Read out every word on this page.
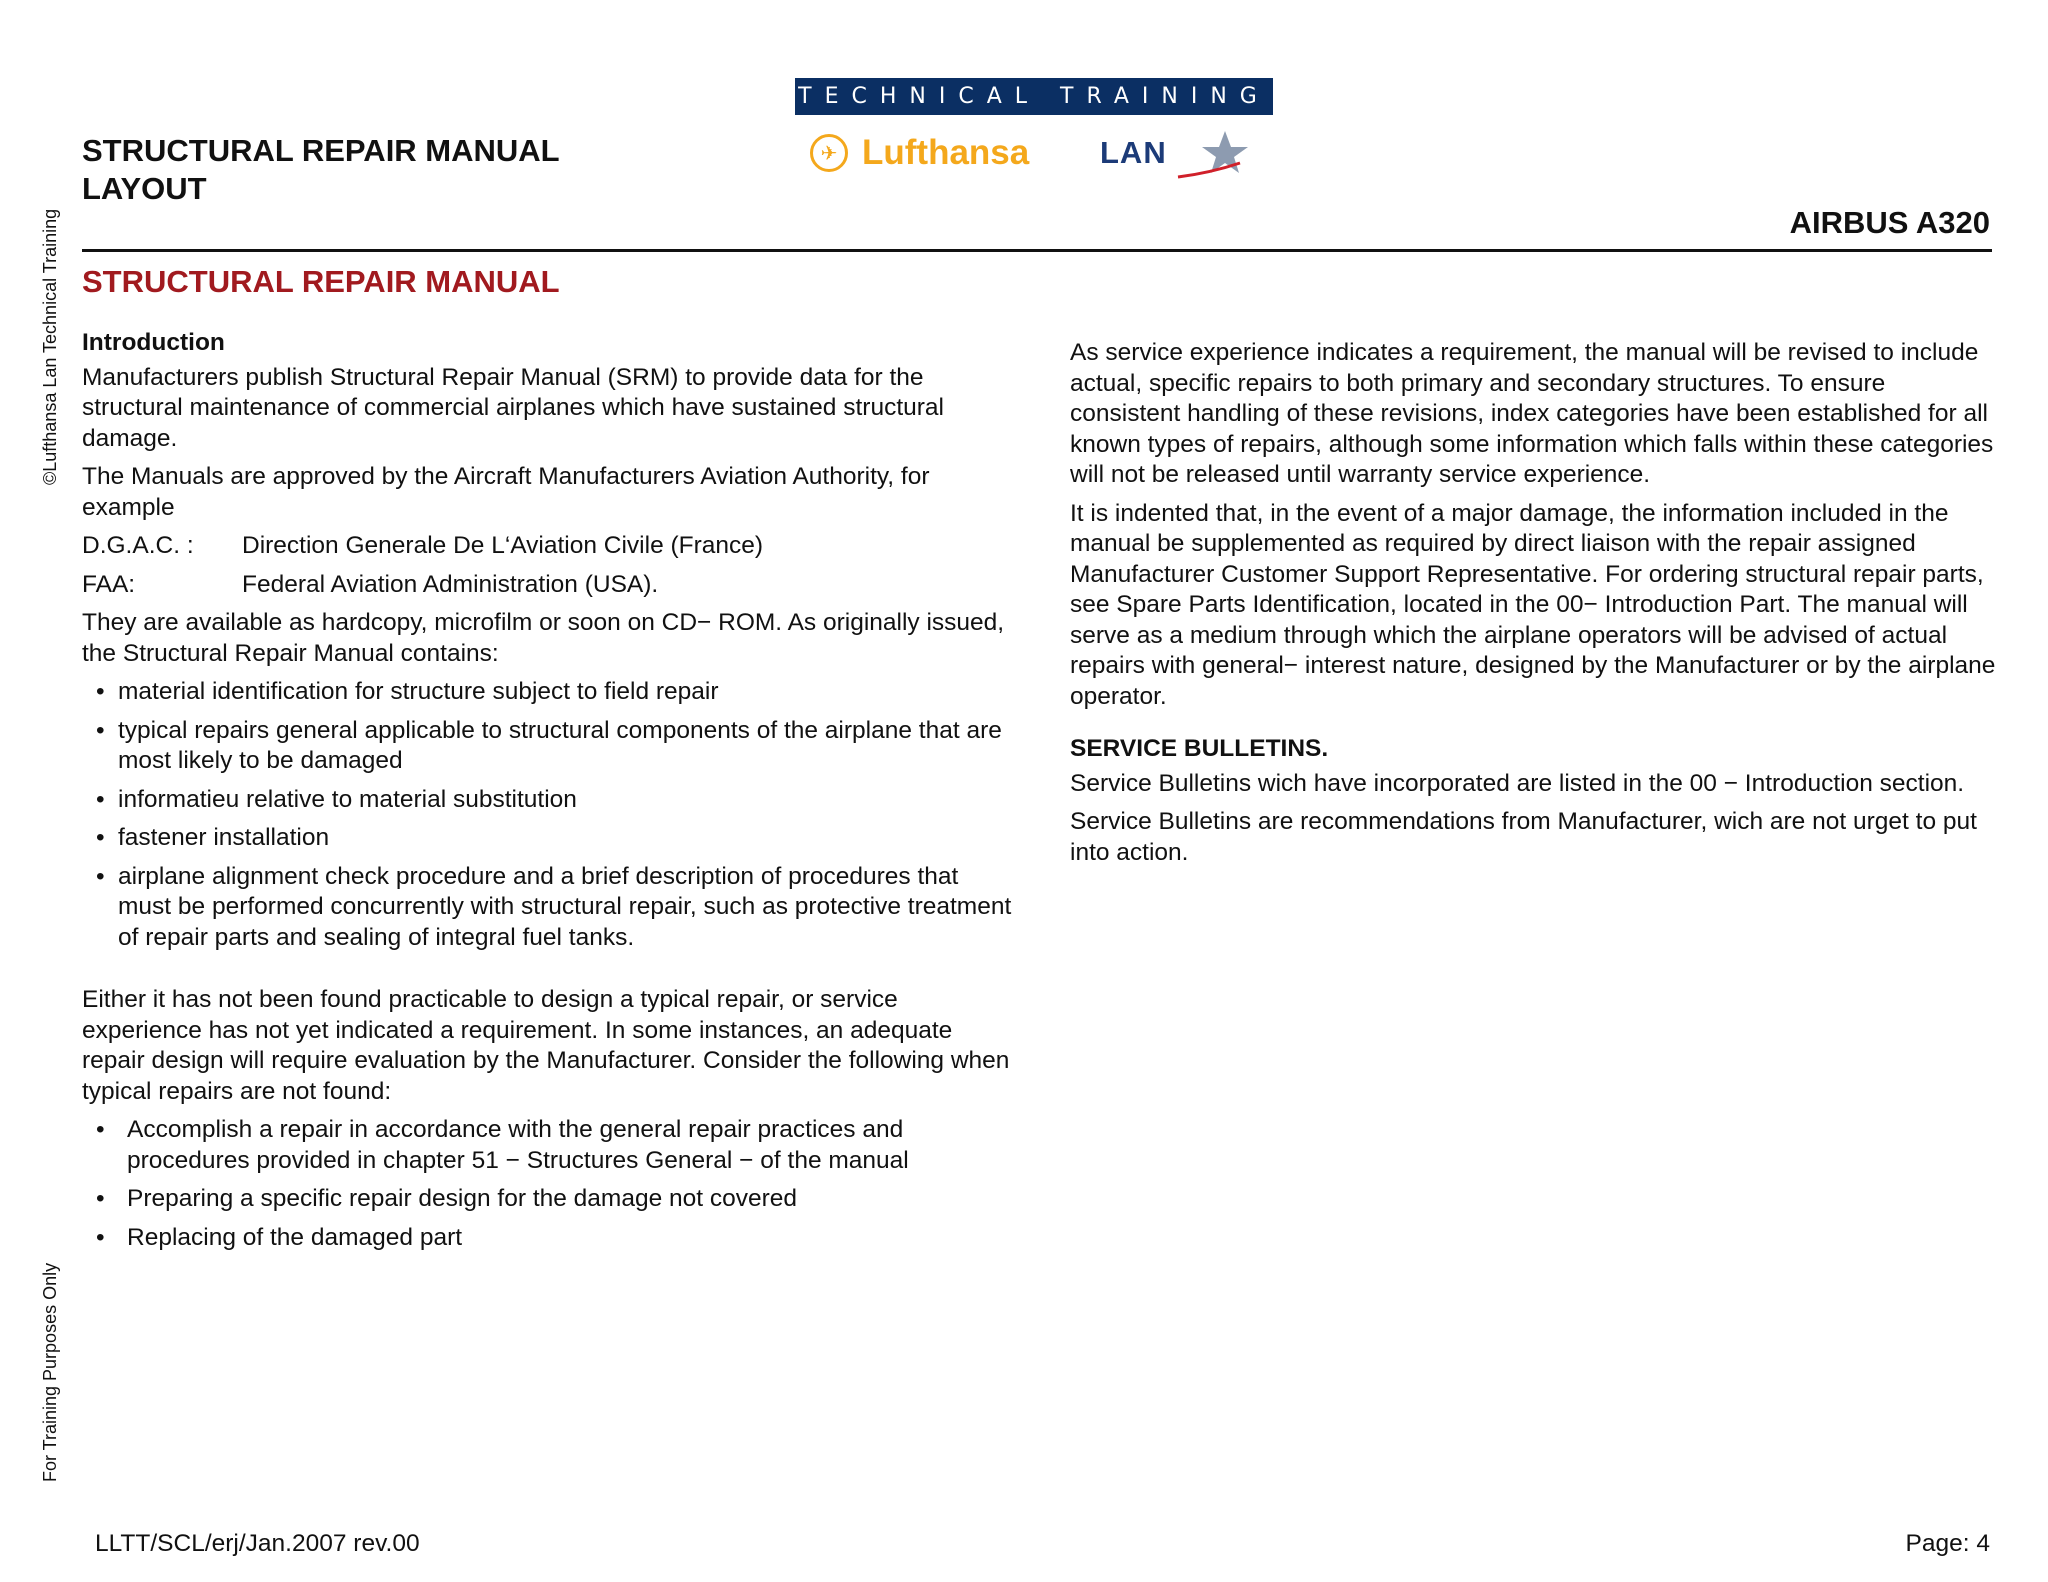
©Lufthansa Lan Technical Training
For Training Purposes Only
STRUCTURAL REPAIR MANUAL LAYOUT
TECHNICAL TRAINING
✈ Lufthansa LAN
AIRBUS A320
STRUCTURAL REPAIR MANUAL
Introduction

Manufacturers publish Structural Repair Manual (SRM) to provide data for the structural maintenance of commercial airplanes which have sustained structural damage.

The Manuals are approved by the Aircraft Manufacturers Aviation Authority, for example

D.G.A.C. :	Direction Generale De L‘Aviation Civile (France)
FAA:	Federal Aviation Administration (USA).

They are available as hardcopy, microfilm or soon on CD− ROM. As originally issued, the Structural Repair Manual contains:

• material identification for structure subject to field repair
• typical repairs general applicable to structural components of the airplane that are most likely to be damaged
• informatieu relative to material substitution
• fastener installation
• airplane alignment check procedure and a brief description of procedures that must be performed concurrently with structural repair, such as protective treatment of repair parts and sealing of integral fuel tanks.

Either it has not been found practicable to design a typical repair, or service experience has not yet indicated a requirement. In some instances, an adequate repair design will require evaluation by the Manufacturer. Consider the following when typical repairs are not found:

• Accomplish a repair in accordance with the general repair practices and procedures provided in chapter 51 − Structures General − of the manual
• Preparing a specific repair design for the damage not covered
• Replacing of the damaged part

As service experience indicates a requirement, the manual will be revised to include actual, specific repairs to both primary and secondary structures. To ensure consistent handling of these revisions, index categories have been established for all known types of repairs, although some information which falls within these categories will not be released until warranty service experience.

It is indented that, in the event of a major damage, the information included in the manual be supplemented as required by direct liaison with the repair assigned Manufacturer Customer Support Representative. For ordering structural repair parts, see Spare Parts Identification, located in the 00− Introduction Part. The manual will serve as a medium through which the airplane operators will be advised of actual repairs with general− interest nature, designed by the Manufacturer or by the airplane operator.

SERVICE BULLETINS.

Service Bulletins wich have incorporated are listed in the 00 − Introduction section.

Service Bulletins are recommendations from Manufacturer, wich are not urget to put into action.

LLTT/SCL/erj/Jan.2007 rev.00	Page: 4
